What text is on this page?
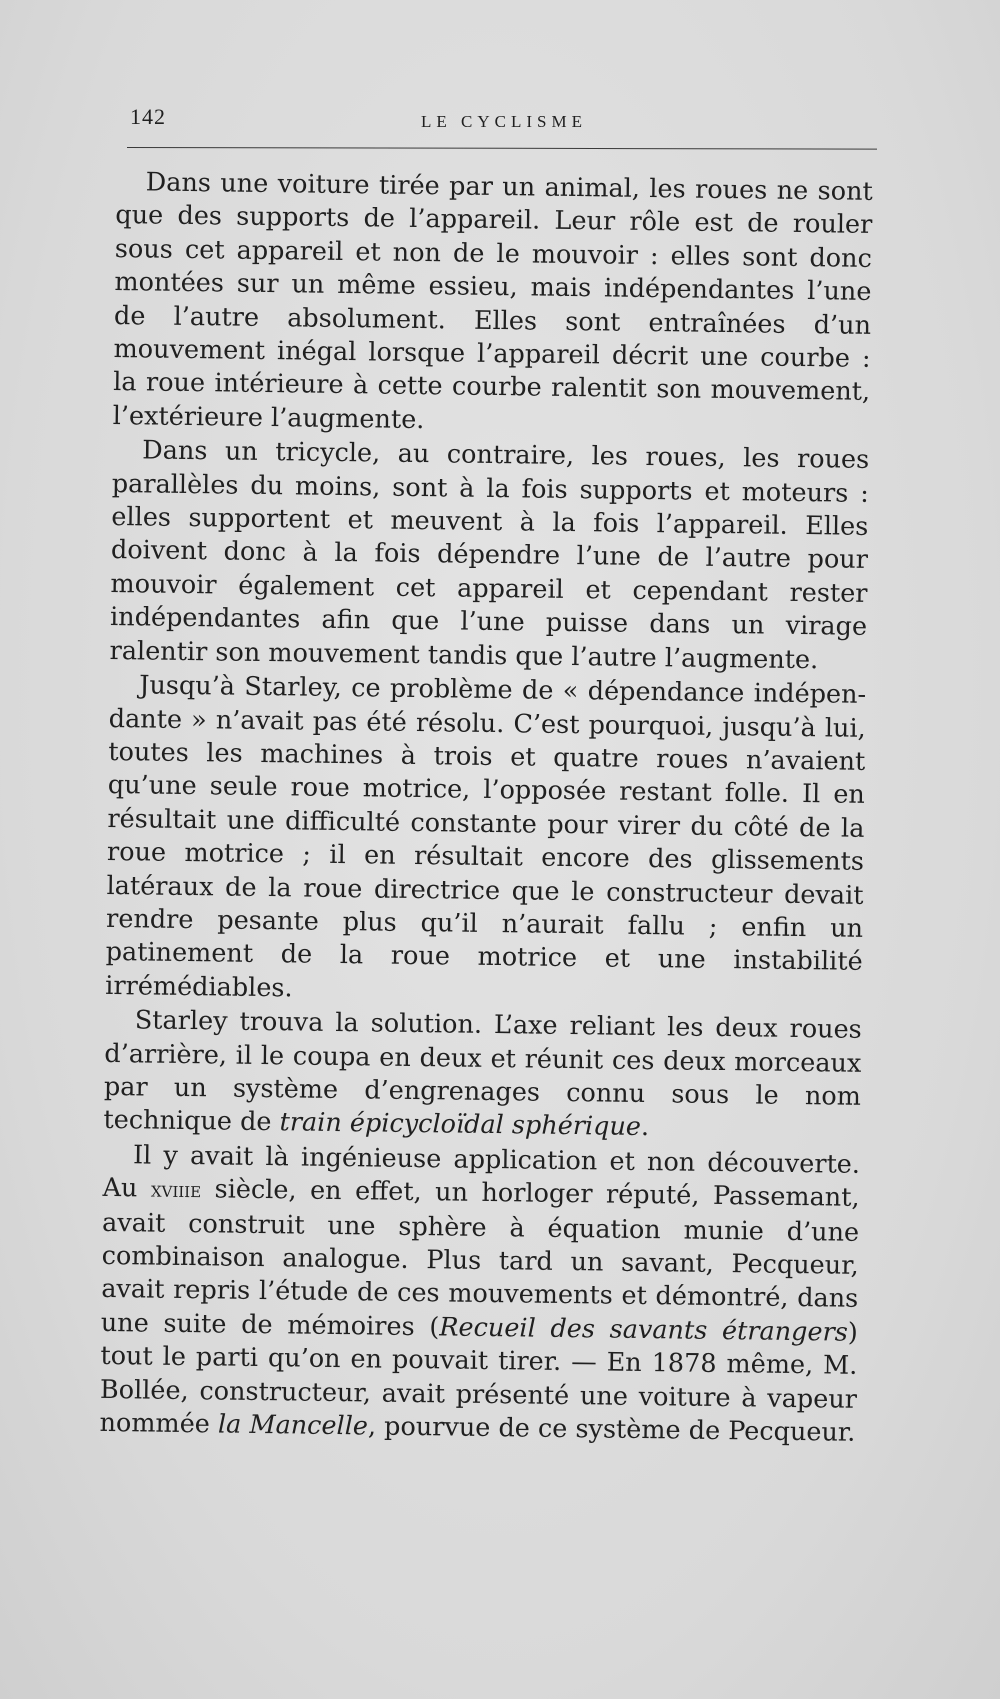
142	LE CYCLISME

Dans une voiture tirée par un animal, les roues ne sont que des supports de l’appareil. Leur rôle est de rouler sous cet appareil et non de le mouvoir : elles sont donc montées sur un même essieu, mais indépendantes l’une de l’autre absolument. Elles sont entraînées d’un mouvement inégal lorsque l’appareil décrit une courbe : la roue intérieure à cette courbe ralentit son mouvement, l’extérieure l’augmente.

Dans un tricycle, au contraire, les roues, les roues parallèles du moins, sont à la fois supports et moteurs : elles supportent et meuvent à la fois l’appareil. Elles doivent donc à la fois dépendre l’une de l’autre pour mouvoir également cet appareil et cependant rester indépendantes afin que l’une puisse dans un virage ralentir son mouvement tandis que l’autre l’augmente.

Jusqu’à Starley, ce problème de « dépendance indépendante » n’avait pas été résolu. C’est pourquoi, jusqu’à lui, toutes les machines à trois et quatre roues n’avaient qu’une seule roue motrice, l’opposée restant folle. Il en résultait une difficulté constante pour virer du côté de la roue motrice ; il en résultait encore des glissements latéraux de la roue directrice que le constructeur devait rendre pesante plus qu’il n’aurait fallu ; enfin un patinement de la roue motrice et une instabilité irrémédiables.

Starley trouva la solution. L’axe reliant les deux roues d’arrière, il le coupa en deux et réunit ces deux morceaux par un système d’engrenages connu sous le nom technique de train épicycloïdal sphérique.

Il y avait là ingénieuse application et non découverte. Au xviiie siècle, en effet, un horloger réputé, Passemant, avait construit une sphère à équation munie d’une combinaison analogue. Plus tard un savant, Pecqueur, avait repris l’étude de ces mouvements et démontré, dans une suite de mémoires (Recueil des savants étrangers) tout le parti qu’on en pouvait tirer. — En 1878 même, M. Bollée, constructeur, avait présenté une voiture à vapeur nommée la Mancelle, pourvue de ce système de Pecqueur.
